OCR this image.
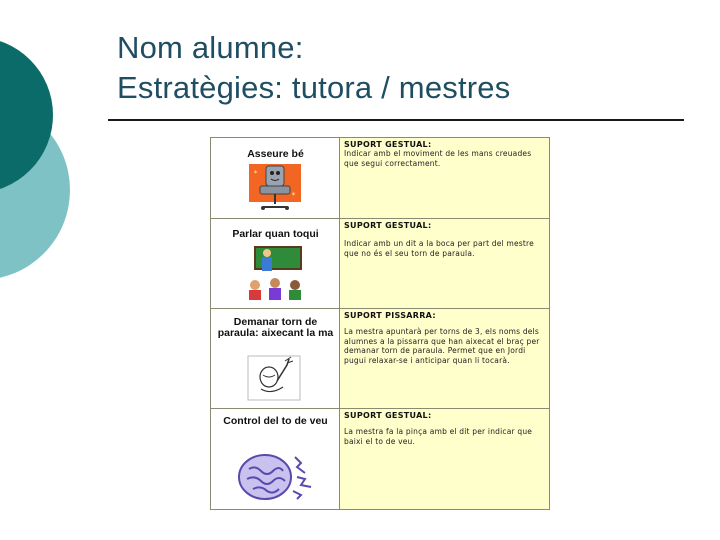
Nom alumne:
Estratègies: tutora / mestres
Asseure bé
✶
✶
SUPORT GESTUAL:
Indicar amb el moviment de les mans creuades que segui correctament.
Parlar quan toqui
SUPORT GESTUAL:
Indicar amb un dit a la boca per part del mestre que no és el seu torn de paraula.
Demanar torn de paraula: aixecant la ma
SUPORT PISSARRA:
La mestra apuntarà per torns de 3, els noms dels alumnes a la pissarra que han aixecat el braç per demanar torn de paraula. Permet que en Jordi pugui relaxar-se i anticipar quan li tocarà.
Control del to de veu	SUPORT GESTUAL:
La mestra fa la pinça amb el dit per indicar que baixi el to de veu.
